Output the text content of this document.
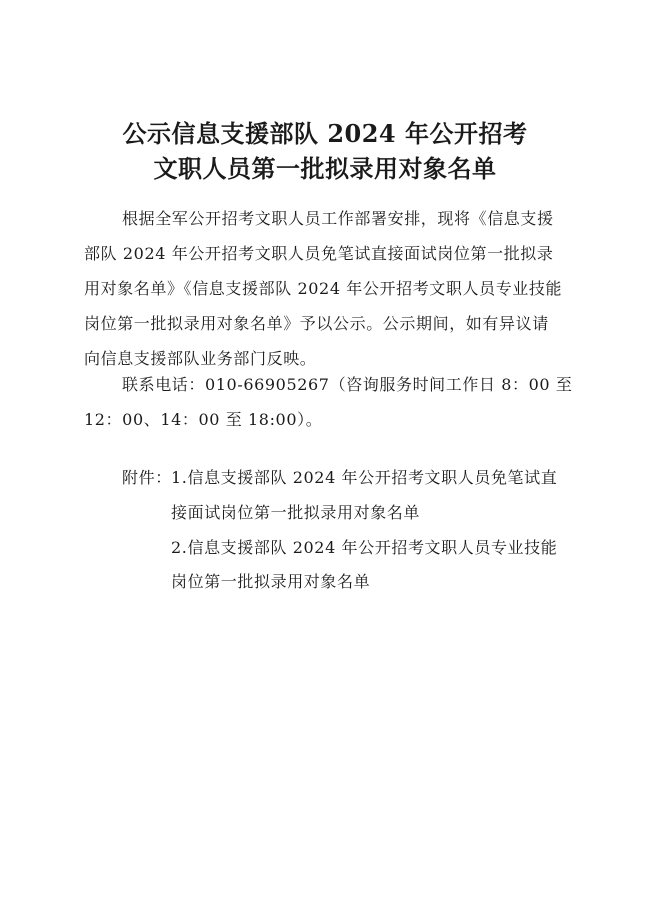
公示信息支援部队 2024 年公开招考
文职人员第一批拟录用对象名单
根据全军公开招考文职人员工作部署安排，现将《信息支援
部队 2024 年公开招考文职人员免笔试直接面试岗位第一批拟录
用对象名单》《信息支援部队 2024 年公开招考文职人员专业技能
岗位第一批拟录用对象名单》予以公示。公示期间，如有异议请
向信息支援部队业务部门反映。
联系电话：010-66905267（咨询服务时间工作日 8：00 至
12：00、14：00 至 18:00）。
附件： 1.信息支援部队 2024 年公开招考文职人员免笔试直
接面试岗位第一批拟录用对象名单
2.信息支援部队 2024 年公开招考文职人员专业技能
岗位第一批拟录用对象名单
